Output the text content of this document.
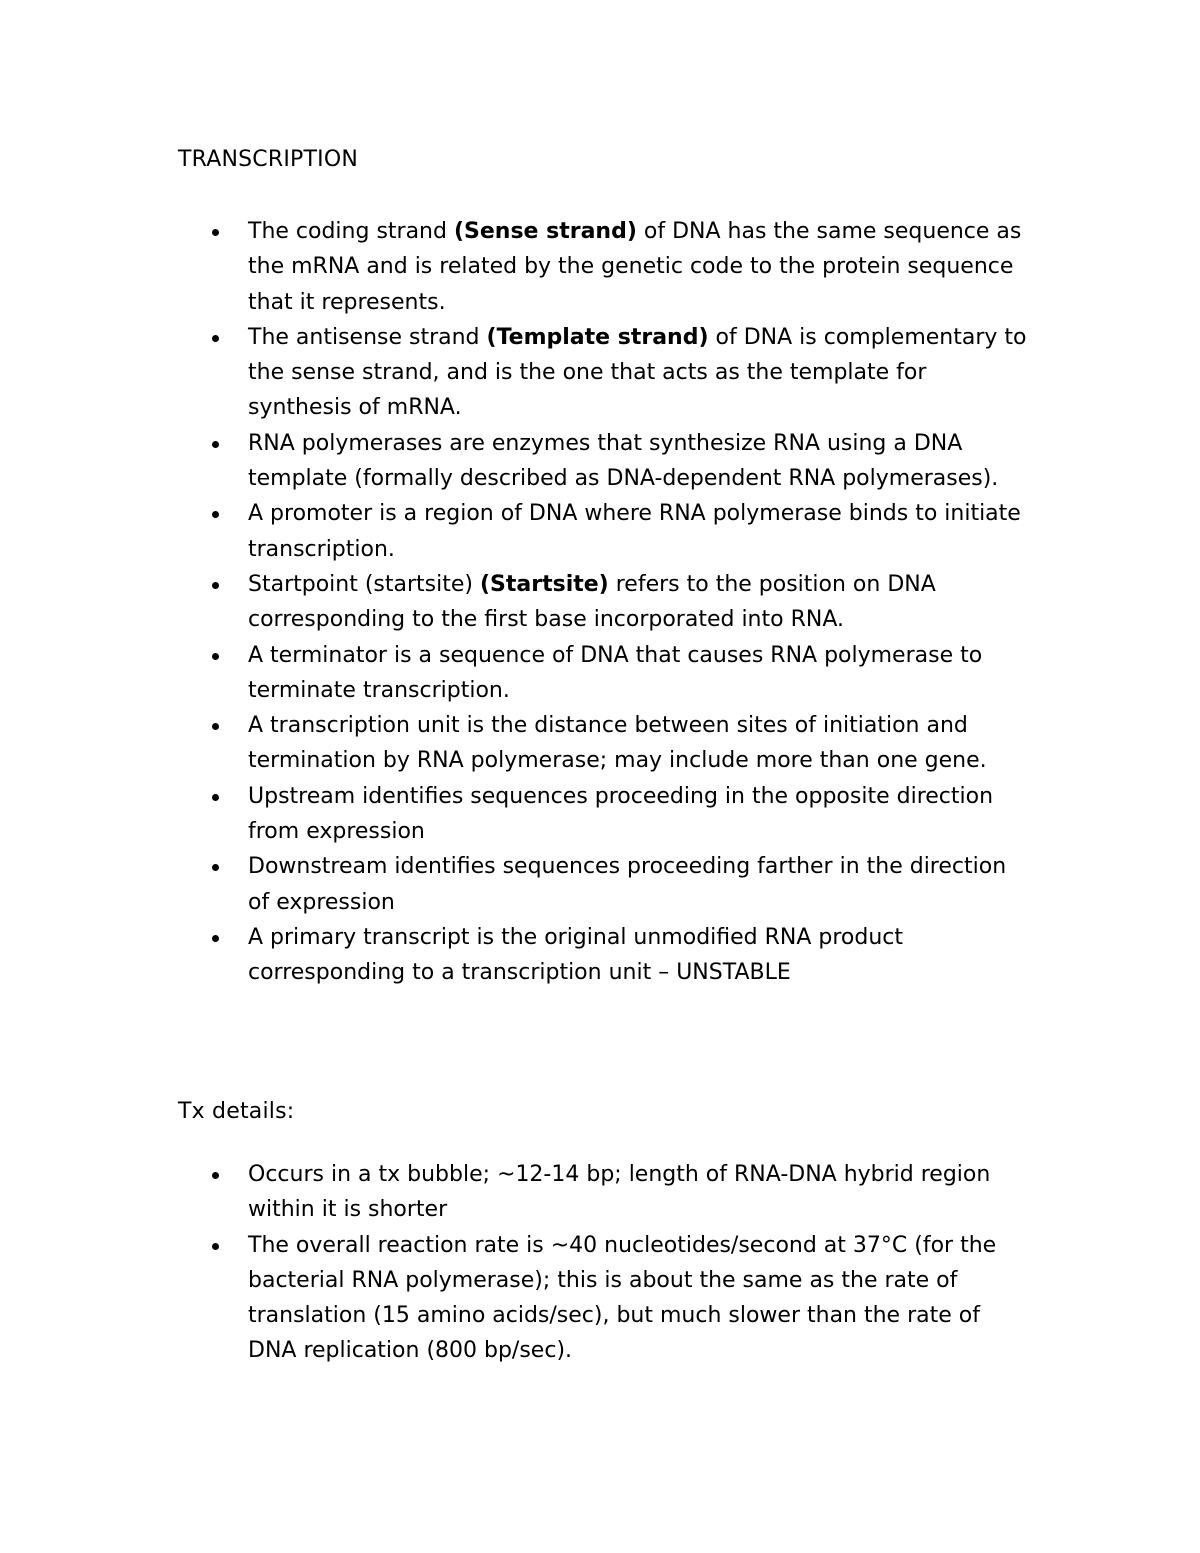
TRANSCRIPTION
The coding strand (Sense strand) of DNA has the same sequence as the mRNA and is related by the genetic code to the protein sequence that it represents.
The antisense strand (Template strand) of DNA is complementary to the sense strand, and is the one that acts as the template for synthesis of mRNA.
RNA polymerases are enzymes that synthesize RNA using a DNA template (formally described as DNA-dependent RNA polymerases).
A promoter is a region of DNA where RNA polymerase binds to initiate transcription.
Startpoint (startsite) (Startsite) refers to the position on DNA corresponding to the first base incorporated into RNA.
A terminator is a sequence of DNA that causes RNA polymerase to terminate transcription.
A transcription unit is the distance between sites of initiation and termination by RNA polymerase; may include more than one gene.
Upstream identifies sequences proceeding in the opposite direction from expression
Downstream identifies sequences proceeding farther in the direction of expression
A primary transcript is the original unmodified RNA product corresponding to a transcription unit – UNSTABLE
Tx details:
Occurs in a tx bubble; ~12-14 bp; length of RNA-DNA hybrid region within it is shorter
The overall reaction rate is ~40 nucleotides/second at 37°C (for the bacterial RNA polymerase); this is about the same as the rate of translation (15 amino acids/sec), but much slower than the rate of DNA replication (800 bp/sec).
